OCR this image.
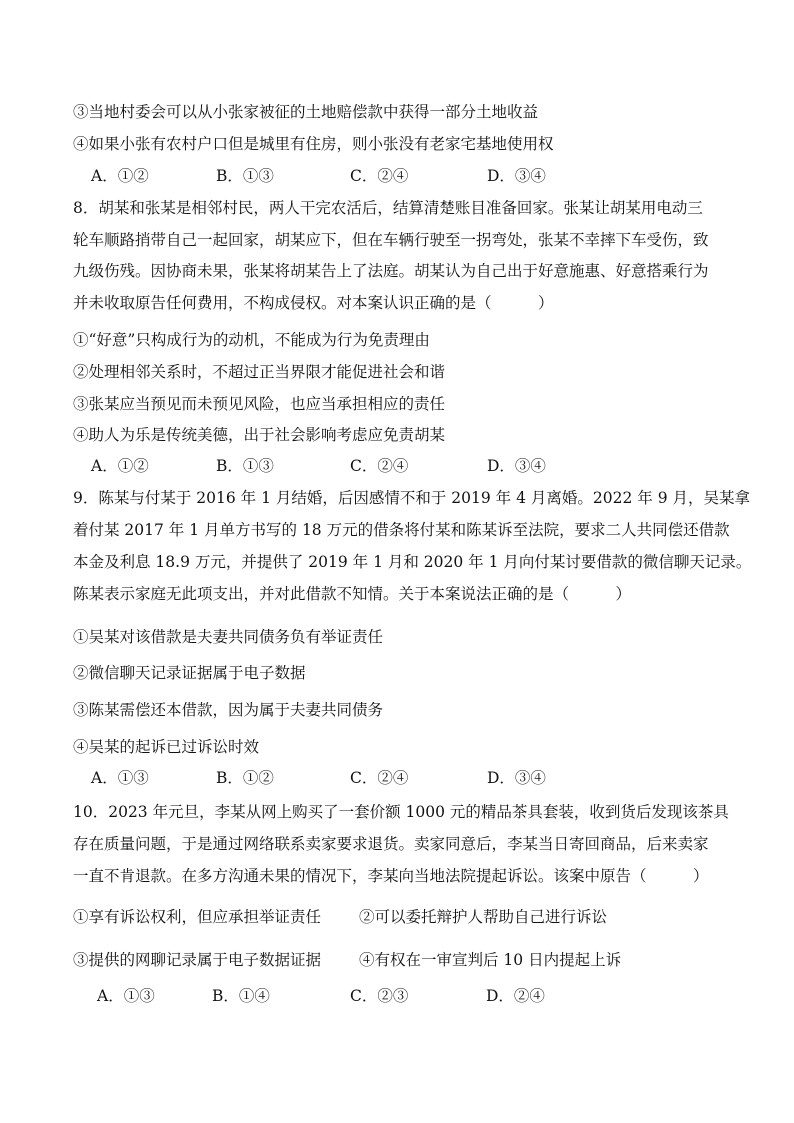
③当地村委会可以从小张家被征的土地赔偿款中获得一部分土地收益
④如果小张有农村户口但是城里有住房，则小张没有老家宅基地使用权
A．①②	B．①③	C．②④	D．③④
8．胡某和张某是相邻村民，两人干完农活后，结算清楚账目准备回家。张某让胡某用电动三
轮车顺路捎带自己一起回家，胡某应下，但在车辆行驶至一拐弯处，张某不幸摔下车受伤，致
九级伤残。因协商未果，张某将胡某告上了法庭。胡某认为自己出于好意施惠、好意搭乘行为
并未收取原告任何费用，不构成侵权。对本案认识正确的是（　　　）
①“好意”只构成行为的动机，不能成为行为免责理由
②处理相邻关系时，不超过正当界限才能促进社会和谐
③张某应当预见而未预见风险，也应当承担相应的责任
④助人为乐是传统美德，出于社会影响考虑应免责胡某
A．①②	B．①③	C．②④	D．③④
9．陈某与付某于 2016 年 1 月结婚，后因感情不和于 2019 年 4 月离婚。2022 年 9 月，吴某拿
着付某 2017 年 1 月单方书写的 18 万元的借条将付某和陈某诉至法院，要求二人共同偿还借款
本金及利息 18.9 万元，并提供了 2019 年 1 月和 2020 年 1 月向付某讨要借款的微信聊天记录。
陈某表示家庭无此项支出，并对此借款不知情。关于本案说法正确的是（　　　）
①吴某对该借款是夫妻共同债务负有举证责任
②微信聊天记录证据属于电子数据
③陈某需偿还本借款，因为属于夫妻共同债务
④吴某的起诉已过诉讼时效
A．①③	B．①②	C．②④	D．③④
10．2023 年元旦，李某从网上购买了一套价额 1000 元的精品茶具套装，收到货后发现该茶具
存在质量问题，于是通过网络联系卖家要求退货。卖家同意后，李某当日寄回商品，后来卖家
一直不肯退款。在多方沟通未果的情况下，李某向当地法院提起诉讼。该案中原告（　　　）
①享有诉讼权利，但应承担举证责任 ②可以委托辩护人帮助自己进行诉讼
③提供的网聊记录属于电子数据证据 ④有权在一审宣判后 10 日内提起上诉
A．①③	B．①④	C．②③	D．②④
